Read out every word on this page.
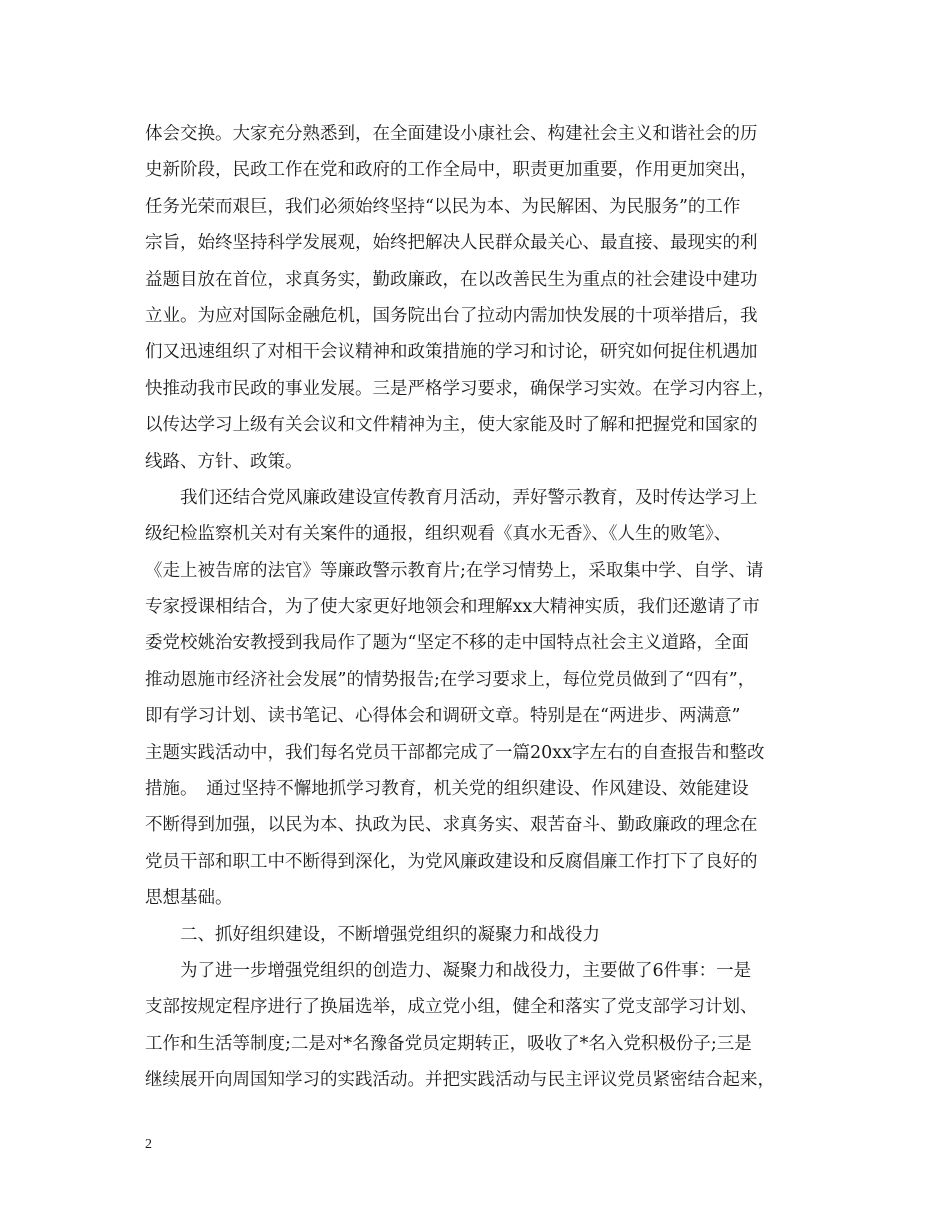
体会交换。大家充分熟悉到，在全面建设小康社会、构建社会主义和谐社会的历
史新阶段，民政工作在党和政府的工作全局中，职责更加重要，作用更加突出，
任务光荣而艰巨，我们必须始终坚持“以民为本、为民解困、为民服务”的工作
宗旨，始终坚持科学发展观，始终把解决人民群众最关心、最直接、最现实的利
益题目放在首位，求真务实，勤政廉政，在以改善民生为重点的社会建设中建功
立业。为应对国际金融危机，国务院出台了拉动内需加快发展的十项举措后，我
们又迅速组织了对相干会议精神和政策措施的学习和讨论，研究如何捉住机遇加
快推动我市民政的事业发展。三是严格学习要求，确保学习实效。在学习内容上，
以传达学习上级有关会议和文件精神为主，使大家能及时了解和把握党和国家的
线路、方针、政策。
我们还结合党风廉政建设宣传教育月活动，弄好警示教育，及时传达学习上
级纪检监察机关对有关案件的通报，组织观看《真水无香》、《人生的败笔》、
《走上被告席的法官》等廉政警示教育片;在学习情势上，采取集中学、自学、请
专家授课相结合，为了使大家更好地领会和理解xx大精神实质，我们还邀请了市
委党校姚治安教授到我局作了题为“坚定不移的走中国特点社会主义道路，全面
推动恩施市经济社会发展”的情势报告;在学习要求上，每位党员做到了“四有”，
即有学习计划、读书笔记、心得体会和调研文章。特别是在“两进步、两满意”
主题实践活动中，我们每名党员干部都完成了一篇20xx字左右的自查报告和整改
措施。　通过坚持不懈地抓学习教育，机关党的组织建设、作风建设、效能建设
不断得到加强，以民为本、执政为民、求真务实、艰苦奋斗、勤政廉政的理念在
党员干部和职工中不断得到深化，为党风廉政建设和反腐倡廉工作打下了良好的
思想基础。
二、抓好组织建设，不断增强党组织的凝聚力和战役力
为了进一步增强党组织的创造力、凝聚力和战役力，主要做了6件事：一是
支部按规定程序进行了换届选举，成立党小组，健全和落实了党支部学习计划、
工作和生活等制度;二是对*名豫备党员定期转正，吸收了*名入党积极份子;三是
继续展开向周国知学习的实践活动。并把实践活动与民主评议党员紧密结合起来，
2
